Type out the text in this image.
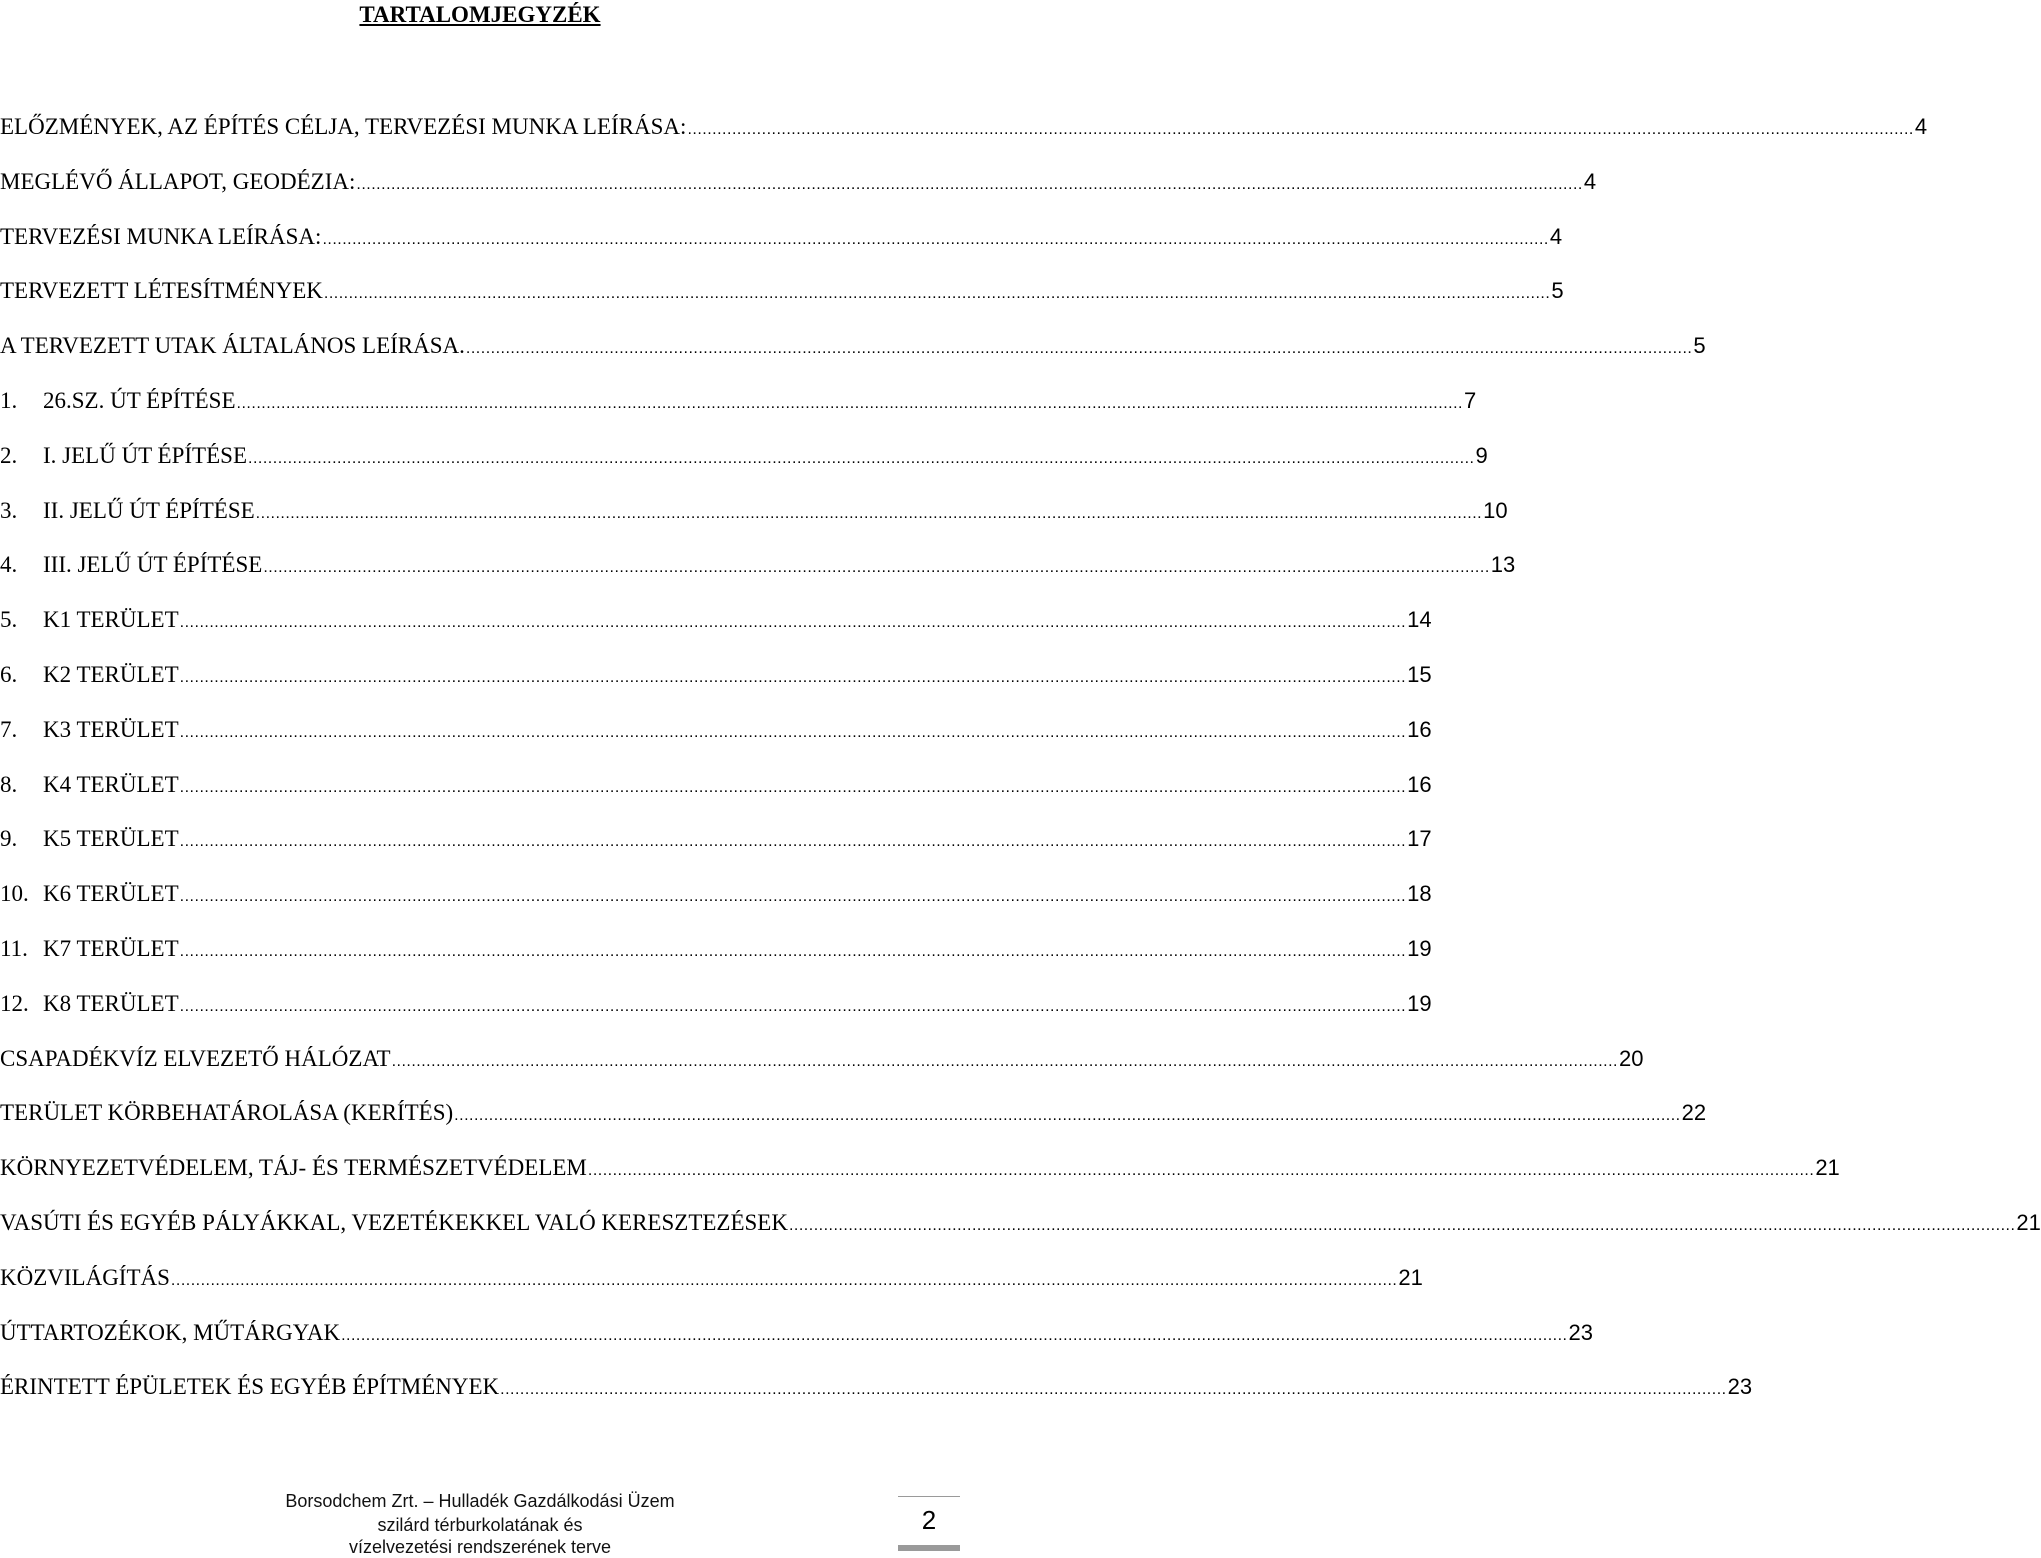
TARTALOMJEGYZÉK
ELŐZMÉNYEK, AZ ÉPÍTÉS CÉLJA, TERVEZÉSI MUNKA LEÍRÁSA: .....	4
MEGLÉVŐ ÁLLAPOT, GEODÉZIA: .....	4
TERVEZÉSI MUNKA LEÍRÁSA: .....	4
TERVEZETT LÉTESÍTMÉNYEK .....	5
A TERVEZETT UTAK ÁLTALÁNOS LEÍRÁSA. .....	5
1.	26.SZ. ÚT ÉPÍTÉSE .....	7
2.	I. JELŰ ÚT ÉPÍTÉSE .....	9
3.	II. JELŰ ÚT ÉPÍTÉSE .....	10
4.	III. JELŰ ÚT ÉPÍTÉSE .....	13
5.	K1 TERÜLET .....	14
6.	K2 TERÜLET .....	15
7.	K3 TERÜLET .....	16
8.	K4 TERÜLET .....	16
9.	K5 TERÜLET .....	17
10. K6 TERÜLET .....	18
11. K7 TERÜLET .....	19
12. K8 TERÜLET .....	19
CSAPADÉKVÍZ ELVEZETŐ HÁLÓZAT .....	20
TERÜLET KÖRBEHATÁROLÁSA (KERÍTÉS) .....	22
KÖRNYEZETVÉDELEM, TÁJ- ÉS TERMÉSZETVÉDELEM .....	21
VASÚTI ÉS EGYÉB PÁLYÁKKAL, VEZETÉKEKKEL VALÓ KERESZTEZÉSEK .....	21
KÖZVILÁGÍTÁS .....	21
ÚTTARTOZÉKOK, MŰTÁRGYAK .....	23
ÉRINTETT ÉPÜLETEK ÉS EGYÉB ÉPÍTMÉNYEK .....	23
Borsodchem Zrt. – Hulladék Gazdálkodási Üzem
szilárd térburkolatának és
vízelvezetési rendszerének terve
2
